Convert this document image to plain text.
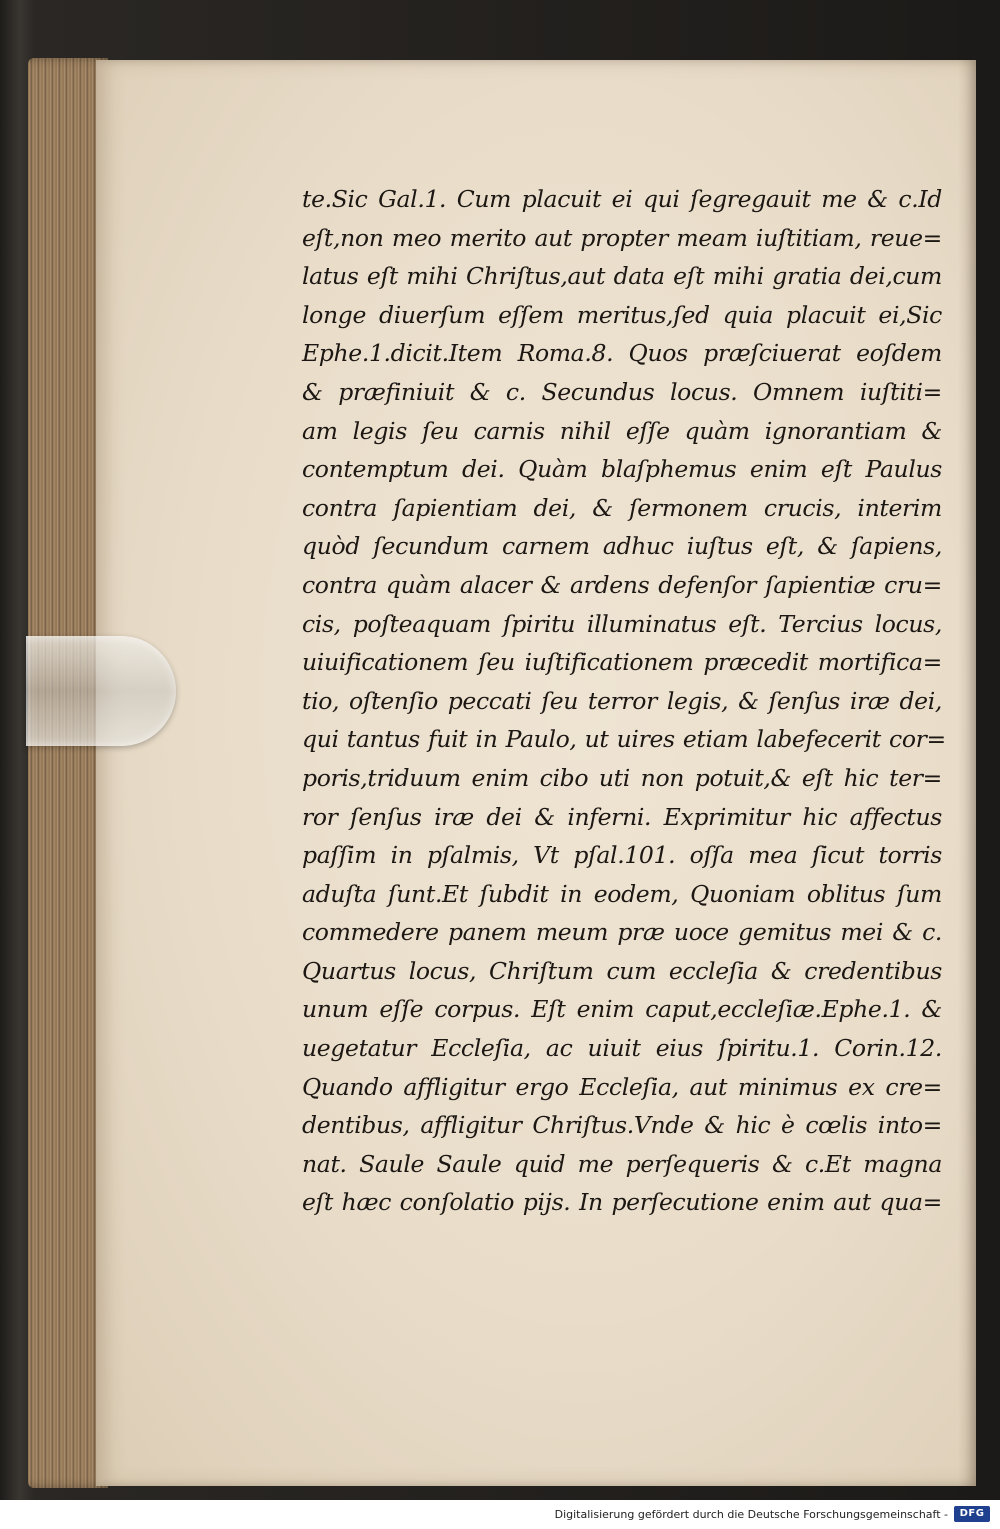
te.Sic Gal.1. Cum placuit ei qui ſegregauit me & c.Id
eſt,non meo merito aut propter meam iuſtitiam, reue=
latus eſt mihi Chriſtus,aut data eſt mihi gratia dei,cum
longe diuerſum eſſem meritus,ſed quia placuit ei,Sic
Ephe.1.dicit.Item Roma.8. Quos præſciuerat eoſdem
& præfiniuit & c. Secundus locus. Omnem iuſtiti=
am legis ſeu carnis nihil eſſe quàm ignorantiam &
contemptum dei. Quàm blaſphemus enim eſt Paulus
contra ſapientiam dei, & ſermonem crucis, interim
quòd ſecundum carnem adhuc iuſtus eſt, & ſapiens,
contra quàm alacer & ardens defenſor ſapientiæ cru=
cis, poſteaquam ſpiritu illuminatus eſt. Tercius locus,
uiuificationem ſeu iuſtificationem præcedit mortifica=
tio, oſtenſio peccati ſeu terror legis, & ſenſus iræ dei,
qui tantus fuit in Paulo, ut uires etiam labefecerit cor=
poris,triduum enim cibo uti non potuit,& eſt hic ter=
ror ſenſus iræ dei & inferni. Exprimitur hic affectus
paſſim in pſalmis, Vt pſal.101. oſſa mea ſicut torris
aduſta ſunt.Et ſubdit in eodem, Quoniam oblitus ſum
commedere panem meum præ uoce gemitus mei & c.
Quartus locus, Chriſtum cum eccleſia & credentibus
unum eſſe corpus. Eſt enim caput,eccleſiæ.Ephe.1. &
uegetatur Eccleſia, ac uiuit eius ſpiritu.1. Corin.12.
Quando affligitur ergo Eccleſia, aut minimus ex cre=
dentibus, affligitur Chriſtus.Vnde & hic è cœlis into=
nat. Saule Saule quid me perſequeris & c.Et magna
eſt hæc conſolatio pijs. In perſecutione enim aut qua=
Digitalisierung gefördert durch die Deutsche Forschungsgemeinschaft -	DFG
